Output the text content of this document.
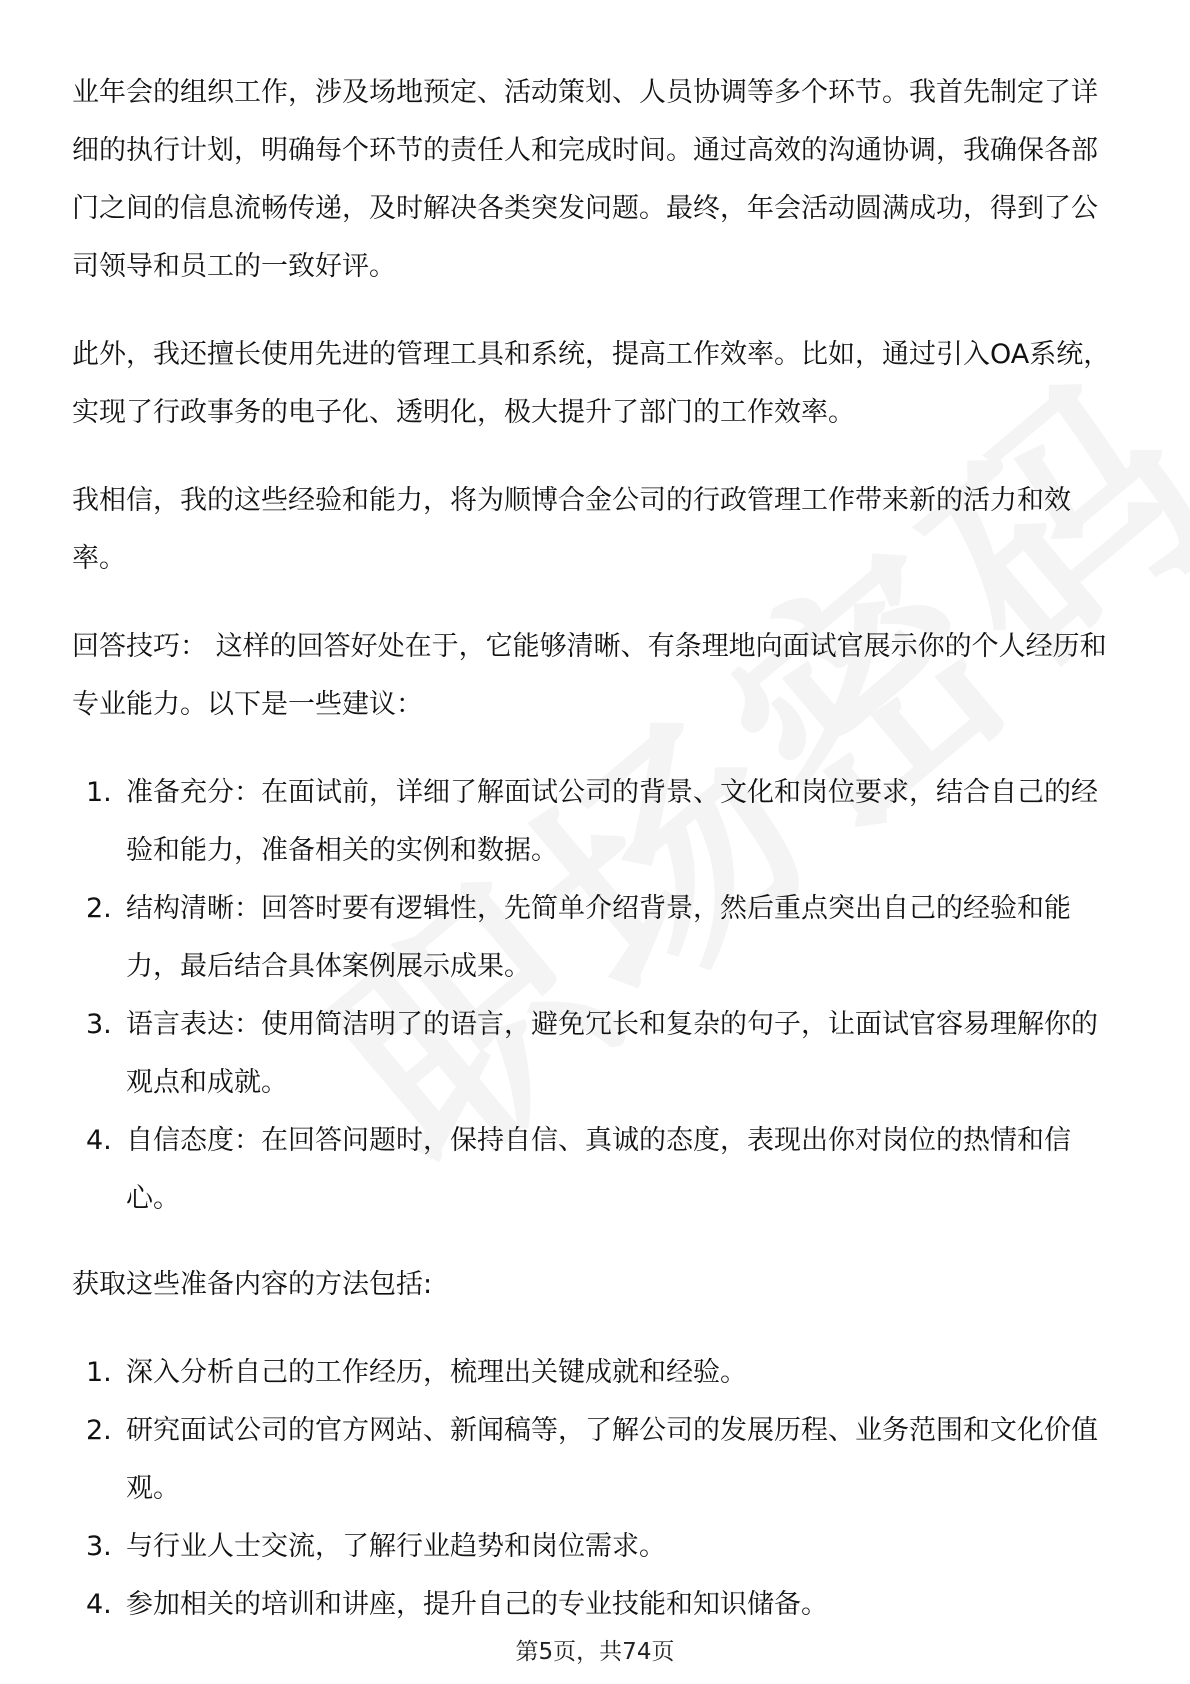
业年会的组织工作，涉及场地预定、活动策划、人员协调等多个环节。我首先制定了详细的执行计划，明确每个环节的责任人和完成时间。通过高效的沟通协调，我确保各部门之间的信息流畅传递，及时解决各类突发问题。最终，年会活动圆满成功，得到了公司领导和员工的一致好评。

此外，我还擅长使用先进的管理工具和系统，提高工作效率。比如，通过引入OA系统，实现了行政事务的电子化、透明化，极大提升了部门的工作效率。

我相信，我的这些经验和能力，将为顺博合金公司的行政管理工作带来新的活力和效率。

回答技巧： 这样的回答好处在于，它能够清晰、有条理地向面试官展示你的个人经历和专业能力。以下是一些建议：

1. 准备充分：在面试前，详细了解面试公司的背景、文化和岗位要求，结合自己的经验和能力，准备相关的实例和数据。
2. 结构清晰：回答时要有逻辑性，先简单介绍背景，然后重点突出自己的经验和能力，最后结合具体案例展示成果。
3. 语言表达：使用简洁明了的语言，避免冗长和复杂的句子，让面试官容易理解你的观点和成就。
4. 自信态度：在回答问题时，保持自信、真诚的态度，表现出你对岗位的热情和信心。

获取这些准备内容的方法包括:

1. 深入分析自己的工作经历，梳理出关键成就和经验。
2. 研究面试公司的官方网站、新闻稿等，了解公司的发展历程、业务范围和文化价值观。
3. 与行业人士交流，了解行业趋势和岗位需求。
4. 参加相关的培训和讲座，提升自己的专业技能和知识储备。
第5页，共74页
